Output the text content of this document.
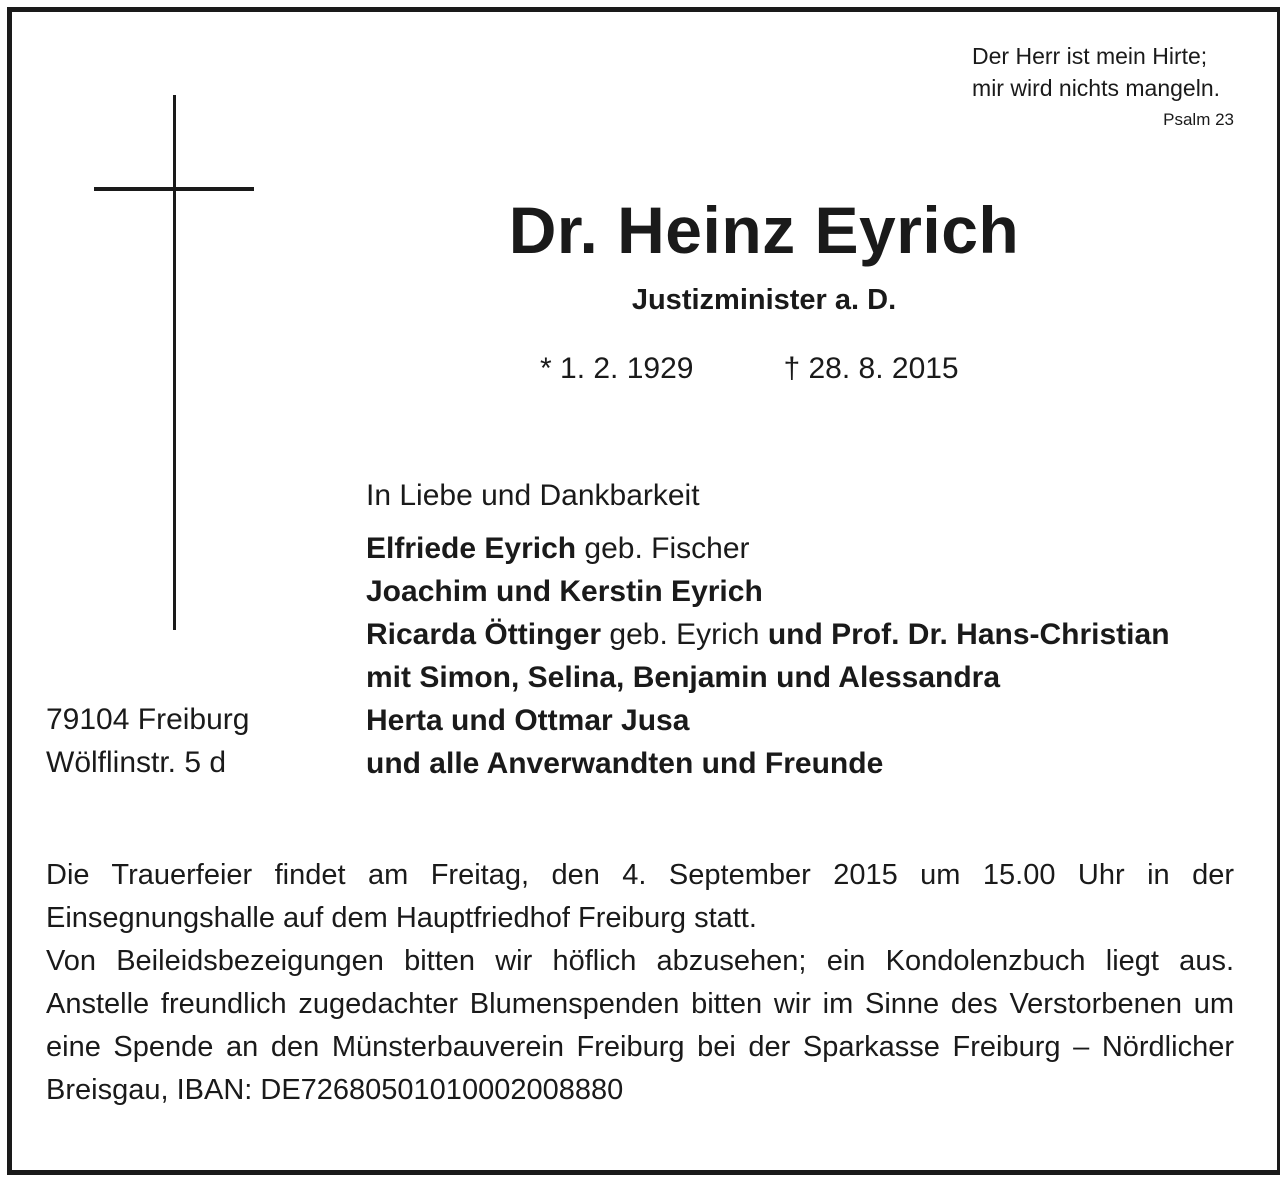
Der Herr ist mein Hirte;
mir wird nichts mangeln.
Psalm 23
Dr. Heinz Eyrich
Justizminister a. D.
* 1. 2. 1929	† 28. 8. 2015
In Liebe und Dankbarkeit
Elfriede Eyrich geb. Fischer
Joachim und Kerstin Eyrich
Ricarda Öttinger geb. Eyrich und Prof. Dr. Hans-Christian
mit Simon, Selina, Benjamin und Alessandra
Herta und Ottmar Jusa
und alle Anverwandten und Freunde
79104 Freiburg
Wölflinstr. 5 d

Die Trauerfeier findet am Freitag, den 4. September 2015 um 15.00 Uhr in der Einsegnungshalle auf dem Hauptfriedhof Freiburg statt.

Von Beileidsbezeigungen bitten wir höflich abzusehen; ein Kondolenzbuch liegt aus. Anstelle freundlich zugedachter Blumenspenden bitten wir im Sinne des Verstorbenen um eine Spende an den Münsterbauverein Freiburg bei der Sparkasse Freiburg – Nördlicher Breisgau, IBAN: DE72680501010002008880
